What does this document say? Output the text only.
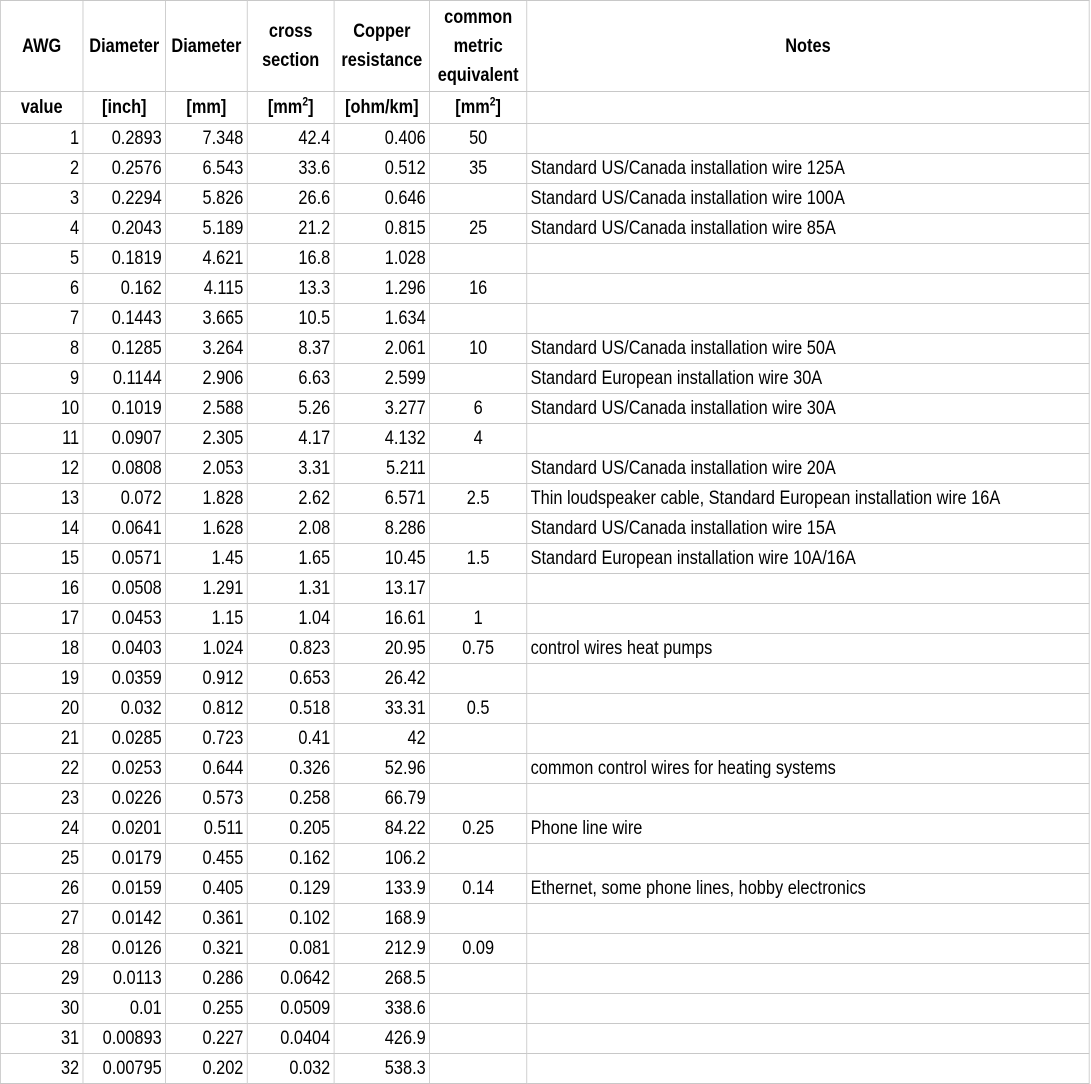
AWG	Diameter	Diameter	cross section	Copper resistance	common metric equivalent	Notes
value	[inch]	[mm]	$[mm^2]$	[ohm/km]	$[mm^2]$	
1	0.2893	7.348	42.4	0.406	50	
2	0.2576	6.543	33.6	0.512	35	Standard US/Canada installation wire 125A
3	0.2294	5.826	26.6	0.646		Standard US/Canada installation wire 100A
4	0.2043	5.189	21.2	0.815	25	Standard US/Canada installation wire 85A
5	0.1819	4.621	16.8	1.028		
6	0.162	4.115	13.3	1.296	16	
7	0.1443	3.665	10.5	1.634		
8	0.1285	3.264	8.37	2.061	10	Standard US/Canada installation wire 50A
9	0.1144	2.906	6.63	2.599		Standard European installation wire 30A
10	0.1019	2.588	5.26	3.277	6	Standard US/Canada installation wire 30A
11	0.0907	2.305	4.17	4.132	4	
12	0.0808	2.053	3.31	5.211		Standard US/Canada installation wire 20A
13	0.072	1.828	2.62	6.571	2.5	Thin loudspeaker cable, Standard European installation wire 16A
14	0.0641	1.628	2.08	8.286		Standard US/Canada installation wire 15A
15	0.0571	1.45	1.65	10.45	1.5	Standard European installation wire 10A/16A
16	0.0508	1.291	1.31	13.17		
17	0.0453	1.15	1.04	16.61	1	
18	0.0403	1.024	0.823	20.95	0.75	control wires heat pumps
19	0.0359	0.912	0.653	26.42		
20	0.032	0.812	0.518	33.31	0.5	
21	0.0285	0.723	0.41	42		
22	0.0253	0.644	0.326	52.96		common control wires for heating systems
23	0.0226	0.573	0.258	66.79		
24	0.0201	0.511	0.205	84.22	0.25	Phone line wire
25	0.0179	0.455	0.162	106.2		
26	0.0159	0.405	0.129	133.9	0.14	Ethernet, some phone lines, hobby electronics
27	0.0142	0.361	0.102	168.9		
28	0.0126	0.321	0.081	212.9	0.09	
29	0.0113	0.286	0.0642	268.5		
30	0.01	0.255	0.0509	338.6		
31	0.00893	0.227	0.0404	426.9		
32	0.00795	0.202	0.032	538.3		
